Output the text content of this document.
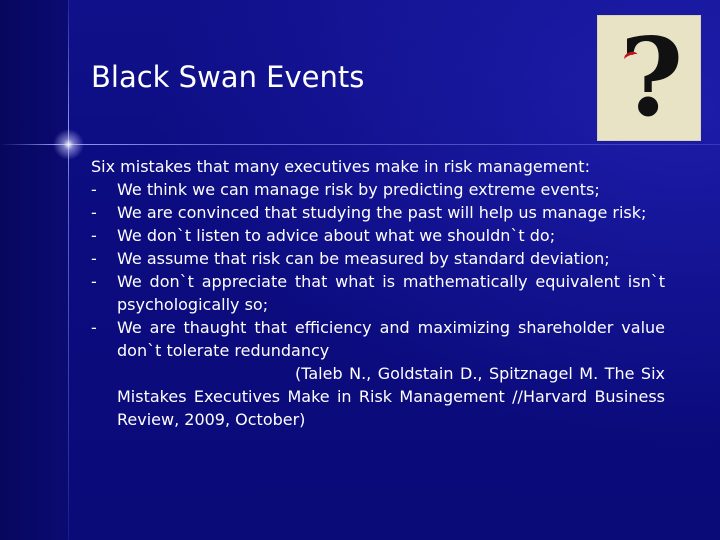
Black Swan Events ?

Six mistakes that many executives make in risk management:

- We think we can manage risk by predicting extreme events;
- We are convinced that studying the past will help us manage risk;
- We don`t listen to advice about what we shouldn`t do;
- We assume that risk can be measured by standard deviation;
- We don`t appreciate that what is mathematically equivalent isn`t psychologically so;
- We are thaught that efficiency and maximizing shareholder value don`t tolerate redundancy
(Taleb N., Goldstain D., Spitznagel M. The Six Mistakes Executives Make in Risk Management //Harvard Business Review, 2009, October)
